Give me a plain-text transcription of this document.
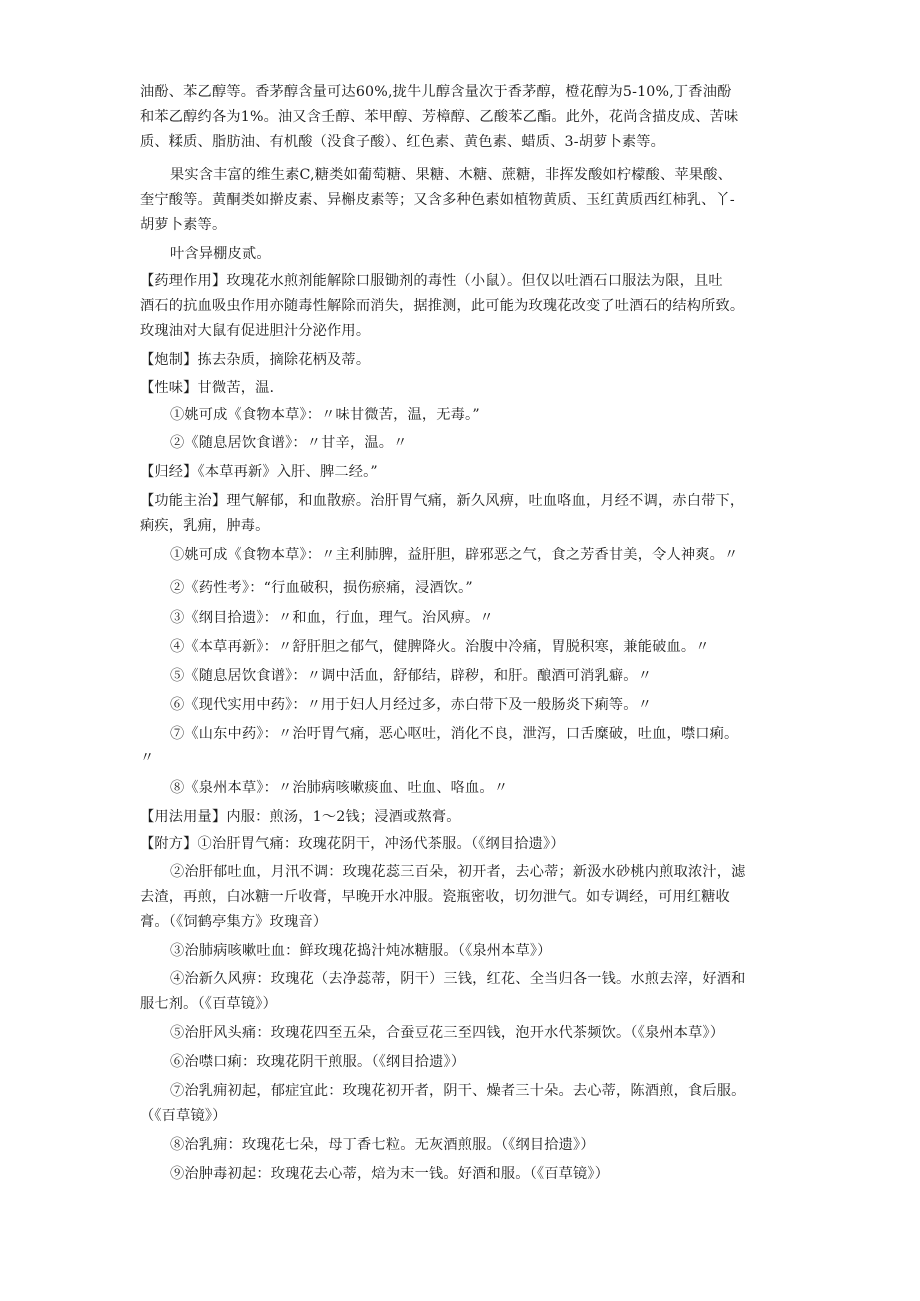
油酚、苯乙醇等。香茅醇含量可达60%,拢牛儿醇含量次于香茅醇，橙花醇为5-10%,丁香油酚
和苯乙醇约各为1%。油又含壬醇、苯甲醇、芳樟醇、乙酸苯乙酯。此外，花尚含描皮成、苦味
质、糅质、脂肪油、有机酸（没食子酸）、红色素、黄色素、蜡质、3-胡萝卜素等。
果实含丰富的维生素C,糖类如葡萄糖、果糖、木糖、蔗糖，非挥发酸如柠檬酸、苹果酸、
奎宁酸等。黄酮类如擀皮素、异槲皮素等；又含多种色素如植物黄质、玉红黄质西红柿乳、丫-
胡萝卜素等。
叶含异棚皮贰。
【药理作用】玫瑰花水煎剂能解除口服锄剂的毒性（小鼠）。但仅以吐酒石口服法为限，且吐
酒石的抗血吸虫作用亦随毒性解除而消失，据推测，此可能为玫瑰花改变了吐酒石的结构所致。
玫瑰油对大鼠有促进胆汁分泌作用。
【炮制】拣去杂质，摘除花柄及蒂。
【性味】甘微苦，温.
①姚可成《食物本草》：〃味甘微苦，温，无毒。”
②《随息居饮食谱》：〃甘辛，温。〃
【归经】《本草再新》入肝、脾二经。”
【功能主治】理气解郁，和血散瘀。治肝胃气痛，新久风痹，吐血咯血，月经不调，赤白带下，
痢疾，乳痈，肿毒。
①姚可成《食物本草》：〃主利肺脾，益肝胆，辟邪恶之气，食之芳香甘美，令人神爽。〃
②《药性考》：“行血破积，损伤瘀痛，浸酒饮。”
③《纲目拾遗》：〃和血，行血，理气。治风痹。〃
④《本草再新》：〃舒肝胆之郁气，健脾降火。治腹中冷痛，胃脱积寒，兼能破血。〃
⑤《随息居饮食谱》：〃调中活血，舒郁结，辟秽，和肝。酿酒可消乳癖。〃
⑥《现代实用中药》：〃用于妇人月经过多，赤白带下及一般肠炎下痢等。〃
⑦《山东中药》：〃治吁胃气痛，恶心呕吐，消化不良，泄泻，口舌糜破，吐血，噤口痢。
〃
⑧《泉州本草》：〃治肺病咳嗽痰血、吐血、咯血。〃
【用法用量】内服：煎汤，1〜2钱；浸酒或熬膏。
【附方】①治肝胃气痛：玫瑰花阴干，冲汤代茶服。（《纲目拾遗》）
②治肝郁吐血，月汛不调：玫瑰花蕊三百朵，初开者，去心蒂；新汲水砂桃内煎取浓汁，滤
去渣，再煎，白冰糖一斤收膏，早晚开水冲服。瓷瓶密收，切勿泄气。如专调经，可用红糖收
膏。（《饲鹤亭集方》玫瑰音）
③治肺病咳嗽吐血：鲜玫瑰花捣汁炖冰糖服。（《泉州本草》）
④治新久风痹：玫瑰花（去净蕊蒂，阴干）三钱，红花、全当归各一钱。水煎去滓，好酒和
服七剂。（《百草镜》）
⑤治肝风头痛：玫瑰花四至五朵，合蚕豆花三至四钱，泡开水代茶频饮。（《泉州本草》）
⑥治噤口痢：玫瑰花阴干煎服。（《纲目拾遗》）
⑦治乳痈初起，郁症宜此：玫瑰花初开者，阴干、燥者三十朵。去心蒂，陈酒煎，食后服。
（《百草镜》）
⑧治乳痈：玫瑰花七朵，母丁香七粒。无灰酒煎服。（《纲目拾遗》）
⑨治肿毒初起：玫瑰花去心蒂，焙为末一钱。好酒和服。（《百草镜》）
